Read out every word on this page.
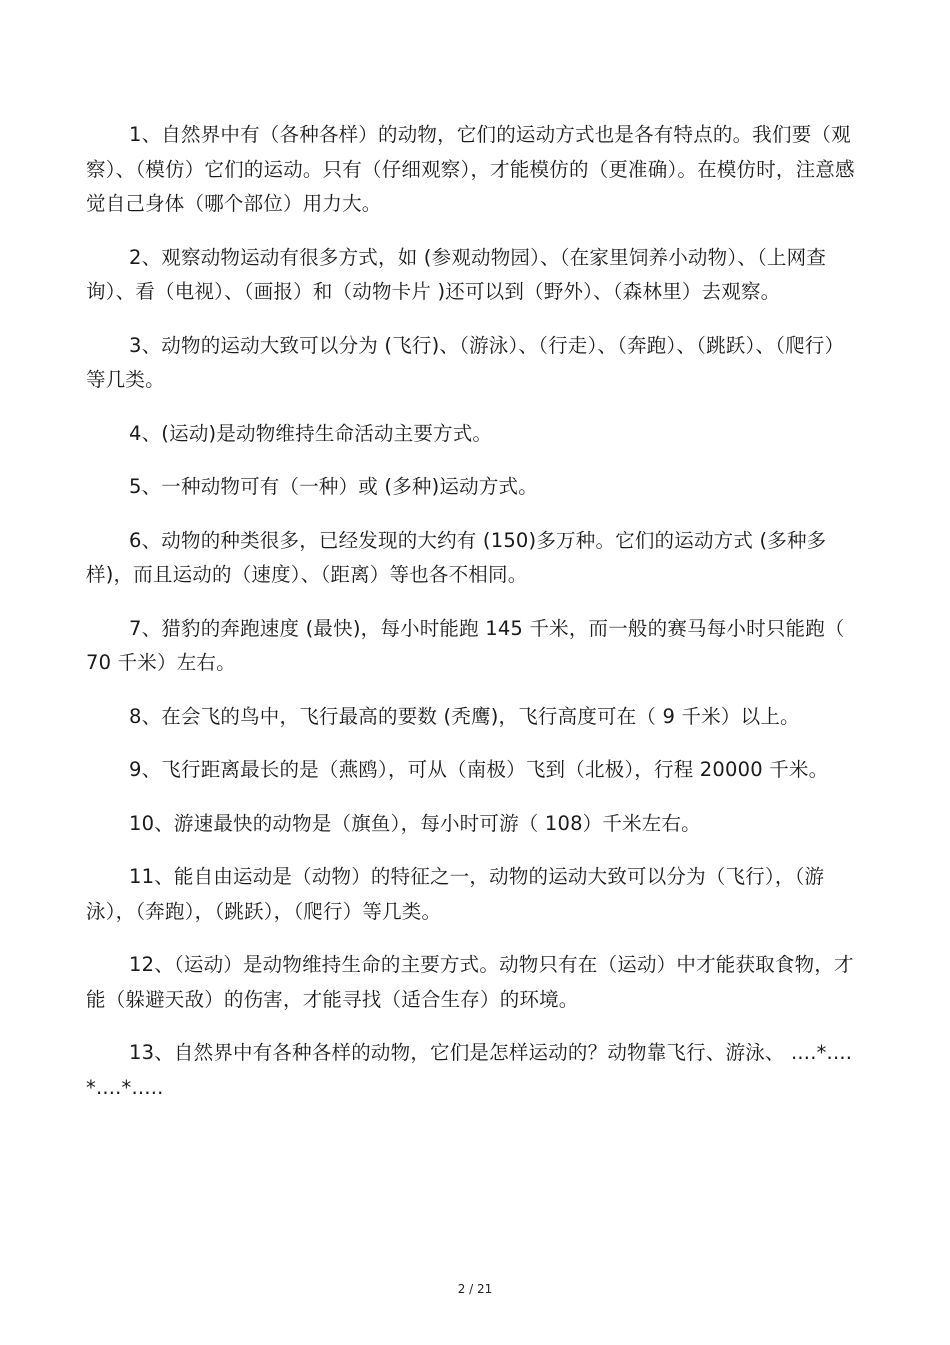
1、自然界中有（各种各样）的动物，它们的运动方式也是各有特点的。我们要（观察）、（模仿）它们的运动。只有（仔细观察），才能模仿的（更准确）。在模仿时，注意感觉自己身体（哪个部位）用力大。

2、观察动物运动有很多方式，如 (参观动物园）、（在家里饲养小动物）、（上网查询）、看（电视）、（画报）和（动物卡片 )还可以到（野外）、（森林里）去观察。

3、动物的运动大致可以分为 (飞行)、（游泳）、（行走）、（奔跑）、（跳跃）、（爬行）等几类。

4、(运动)是动物维持生命活动主要方式。

5、一种动物可有（一种）或 (多种)运动方式。

6、动物的种类很多，已经发现的大约有 (150)多万种。它们的运动方式 (多种多样)，而且运动的（速度）、（距离）等也各不相同。

7、猎豹的奔跑速度 (最快)，每小时能跑 145 千米，而一般的赛马每小时只能跑（ 70 千米）左右。

8、在会飞的鸟中，飞行最高的要数 (秃鹰)，飞行高度可在（ 9 千米）以上。

9、飞行距离最长的是（燕鸥），可从（南极）飞到（北极），行程 20000 千米。

10、游速最快的动物是（旗鱼），每小时可游（ 108）千米左右。

11、能自由运动是（动物）的特征之一，动物的运动大致可以分为（飞行），（游泳），（奔跑），（跳跃），（爬行）等几类。

12、（运动）是动物维持生命的主要方式。动物只有在（运动）中才能获取食物，才能（躲避天敌）的伤害，才能寻找（适合生存）的环境。

13、自然界中有各种各样的动物，它们是怎样运动的？动物靠飞行、游泳、 ....*....*....*.....

2 / 21
